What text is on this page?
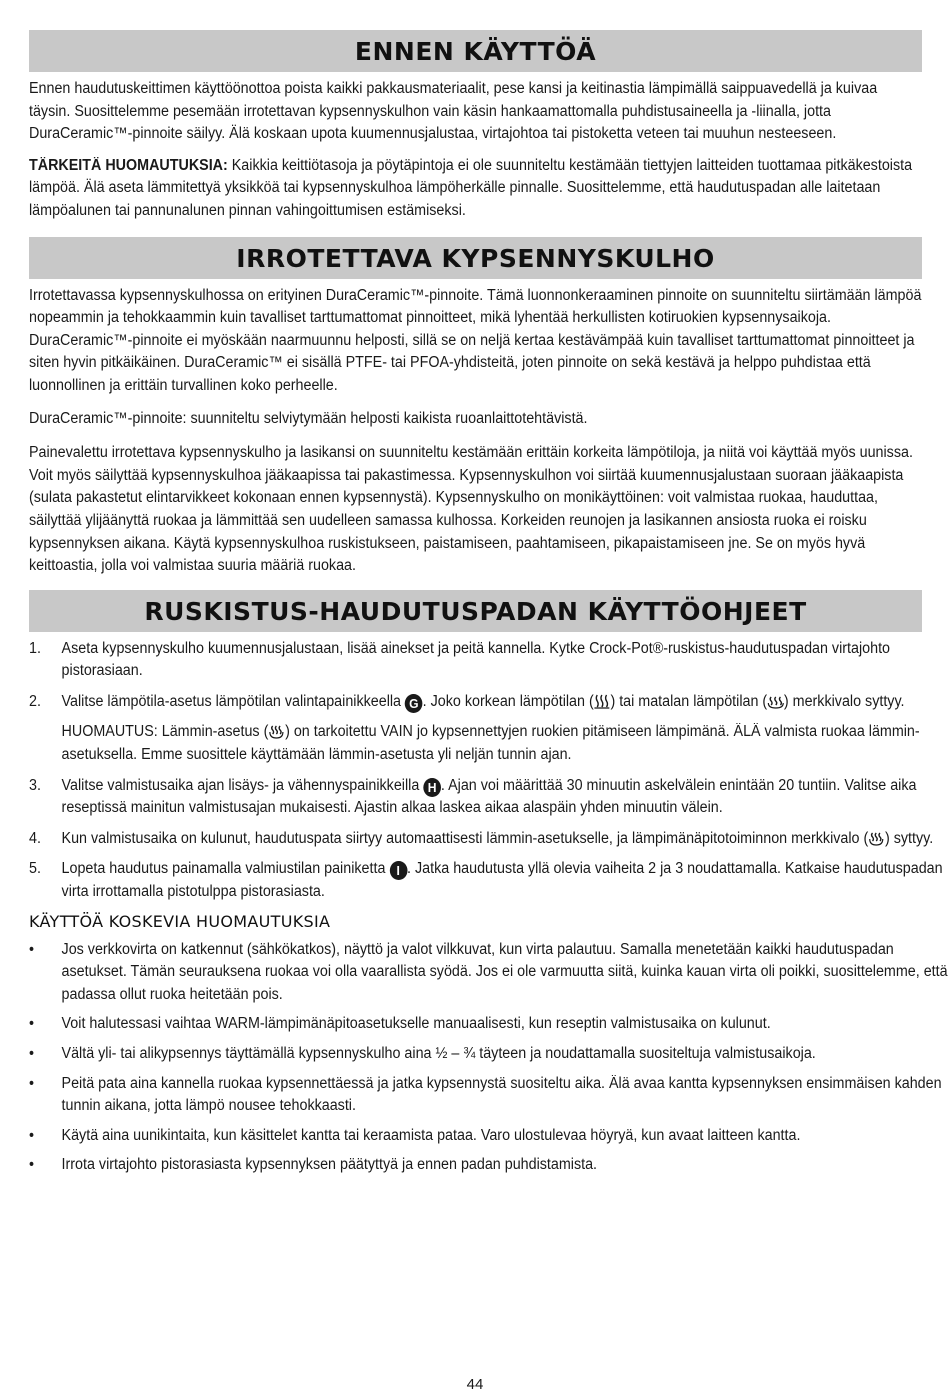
ENNEN KÄYTTÖÄ

Ennen haudutuskeittimen käyttöönottoa poista kaikki pakkausmateriaalit, pese kansi ja keitinastia lämpimällä saippuavedellä ja kuivaa täysin. Suosittelemme pesemään irrotettavan kypsennyskulhon vain käsin hankaamattomalla puhdistusaineella ja -liinalla, jotta DuraCeramic™-pinnoite säilyy. Älä koskaan upota kuumennusjalustaa, virtajohtoa tai pistoketta veteen tai muuhun nesteeseen.

TÄRKEITÄ HUOMAUTUKSIA: Kaikkia keittiötasoja ja pöytäpintoja ei ole suunniteltu kestämään tiettyjen laitteiden tuottamaa pitkäkestoista lämpöä. Älä aseta lämmitettyä yksikköä tai kypsennyskulhoa lämpöherkälle pinnalle. Suosittelemme, että haudutuspadan alle laitetaan lämpöalunen tai pannunalunen pinnan vahingoittumisen estämiseksi.

IRROTETTAVA KYPSENNYSKULHO

Irrotettavassa kypsennyskulhossa on erityinen DuraCeramic™-pinnoite. Tämä luonnonkeraaminen pinnoite on suunniteltu siirtämään lämpöä nopeammin ja tehokkaammin kuin tavalliset tarttumattomat pinnoitteet, mikä lyhentää herkullisten kotiruokien kypsennysaikoja. DuraCeramic™-pinnoite ei myöskään naarmuunnu helposti, sillä se on neljä kertaa kestävämpää kuin tavalliset tarttumattomat pinnoitteet ja siten hyvin pitkäikäinen. DuraCeramic™ ei sisällä PTFE- tai PFOA-yhdisteitä, joten pinnoite on sekä kestävä ja helppo puhdistaa että luonnollinen ja erittäin turvallinen koko perheelle.

DuraCeramic™-pinnoite: suunniteltu selviytymään helposti kaikista ruoanlaittotehtävistä.

Painevalettu irrotettava kypsennyskulho ja lasikansi on suunniteltu kestämään erittäin korkeita lämpötiloja, ja niitä voi käyttää myös uunissa. Voit myös säilyttää kypsennyskulhoa jääkaapissa tai pakastimessa. Kypsennyskulhon voi siirtää kuumennusjalustaan suoraan jääkaapista (sulata pakastetut elintarvikkeet kokonaan ennen kypsennystä). Kypsennyskulho on monikäyttöinen: voit valmistaa ruokaa, hauduttaa, säilyttää ylijäänyttä ruokaa ja lämmittää sen uudelleen samassa kulhossa. Korkeiden reunojen ja lasikannen ansiosta ruoka ei roisku kypsennyksen aikana. Käytä kypsennyskulhoa ruskistukseen, paistamiseen, paahtamiseen, pikapaistamiseen jne. Se on myös hyvä keittoastia, jolla voi valmistaa suuria määriä ruokaa.

RUSKISTUS-HAUDUTUSPADAN KÄYTTÖOHJEET
1. Aseta kypsennyskulho kuumennusjalustaan, lisää ainekset ja peitä kannella. Kytke Crock-Pot®-ruskistus-haudutuspadan virtajohto pistorasiaan.
2. Valitse lämpötila-asetus lämpötilan valintapainikkeella G . Joko korkean lämpötilan ( ) tai matalan lämpötilan ( ) merkkivalo syttyy.
HUOMAUTUS: Lämmin-asetus ( ) on tarkoitettu VAIN jo kypsennettyjen ruokien pitämiseen lämpimänä. ÄLÄ valmista ruokaa lämmin-asetuksella. Emme suosittele käyttämään lämmin-asetusta yli neljän tunnin ajan.
3. Valitse valmistusaika ajan lisäys- ja vähennyspainikkeilla H . Ajan voi määrittää 30 minuutin askelvälein enintään 20 tuntiin. Valitse aika reseptissä mainitun valmistusajan mukaisesti. Ajastin alkaa laskea aikaa alaspäin yhden minuutin välein.
4. Kun valmistusaika on kulunut, haudutuspata siirtyy automaattisesti lämmin-asetukselle, ja lämpimänäpitotoiminnon merkkivalo ( ) syttyy.
5. Lopeta haudutus painamalla valmiustilan painiketta I . Jatka haudutusta yllä olevia vaiheita 2 ja 3 noudattamalla. Katkaise haudutuspadan virta irrottamalla pistotulppa pistorasiasta.
KÄYTTÖÄ KOSKEVIA HUOMAUTUKSIA
• Jos verkkovirta on katkennut (sähkökatkos), näyttö ja valot vilkkuvat, kun virta palautuu. Samalla menetetään kaikki haudutuspadan asetukset. Tämän seurauksena ruokaa voi olla vaarallista syödä. Jos ei ole varmuutta siitä, kuinka kauan virta oli poikki, suosittelemme, että padassa ollut ruoka heitetään pois.
• Voit halutessasi vaihtaa WARM-lämpimänäpitoasetukselle manuaalisesti, kun reseptin valmistusaika on kulunut.
• Vältä yli- tai alikypsennys täyttämällä kypsennyskulho aina ½ – ¾ täyteen ja noudattamalla suositeltuja valmistusaikoja.
• Peitä pata aina kannella ruokaa kypsennettäessä ja jatka kypsennystä suositeltu aika. Älä avaa kantta kypsennyksen ensimmäisen kahden tunnin aikana, jotta lämpö nousee tehokkaasti.
• Käytä aina uunikintaita, kun käsittelet kantta tai keraamista pataa. Varo ulostulevaa höyryä, kun avaat laitteen kantta.
• Irrota virtajohto pistorasiasta kypsennyksen päätyttyä ja ennen padan puhdistamista.
44
